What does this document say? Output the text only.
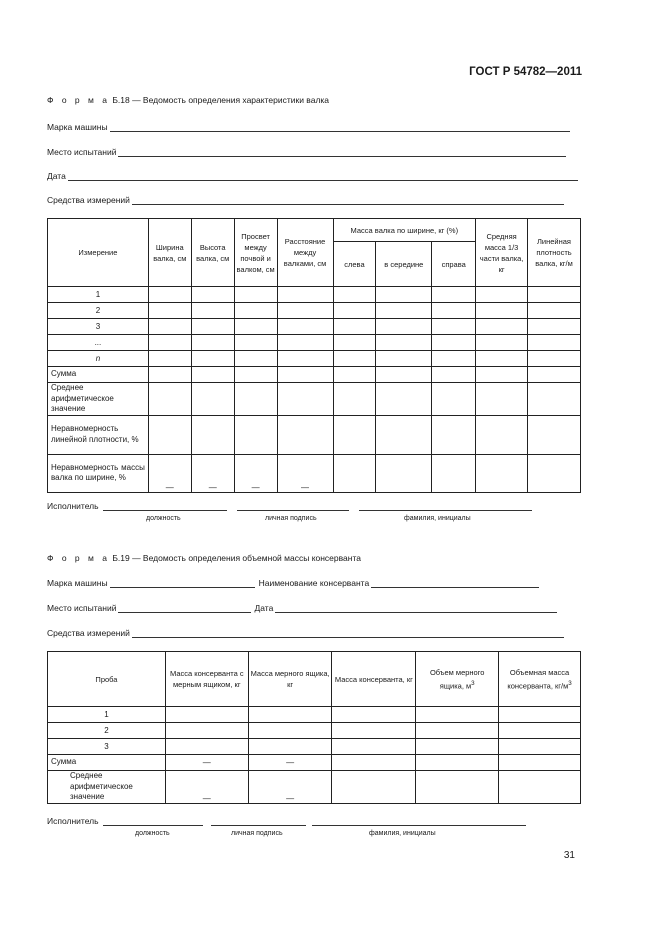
ГОСТ Р 54782—2011
Ф о р м а Б.18 — Ведомость определения характеристики валка
Марка машины
Место испытаний
Дата
Средства измерений
Измерение	Ширина валка, см	Высота валка, см	Просвет между почвой и валком, см	Расстояние между валками, см	Масса валка по ширине, кг (%)			Средняя масса 1/3 части валка, кг	Линейная плотность валка, кг/м
					слева	в середине	справа		
1									
2									
3									
...									
n									
Сумма									
Среднее арифметическое значение									
Неравномерность линейной плотности, %									
Неравномерность массы валка по ширине, %	—	—	—	—					
Исполнитель
должность	личная подпись	фамилия, инициалы
Ф о р м а Б.19 — Ведомость определения объемной массы консерванта
Марка машины	Наименование консерванта
Место испытаний	Дата
Средства измерений
Проба	Масса консерванта с мерным ящиком, кг	Масса мерного ящика, кг	Масса консерванта, кг	Объем мерного ящика, $м^3$	Объемная масса консерванта, $кг/м^3$
1					
2					
3					
Сумма	—	—			
Среднее арифметическое значение	—	—			
Исполнитель
должность	личная подпись	фамилия, инициалы
31
